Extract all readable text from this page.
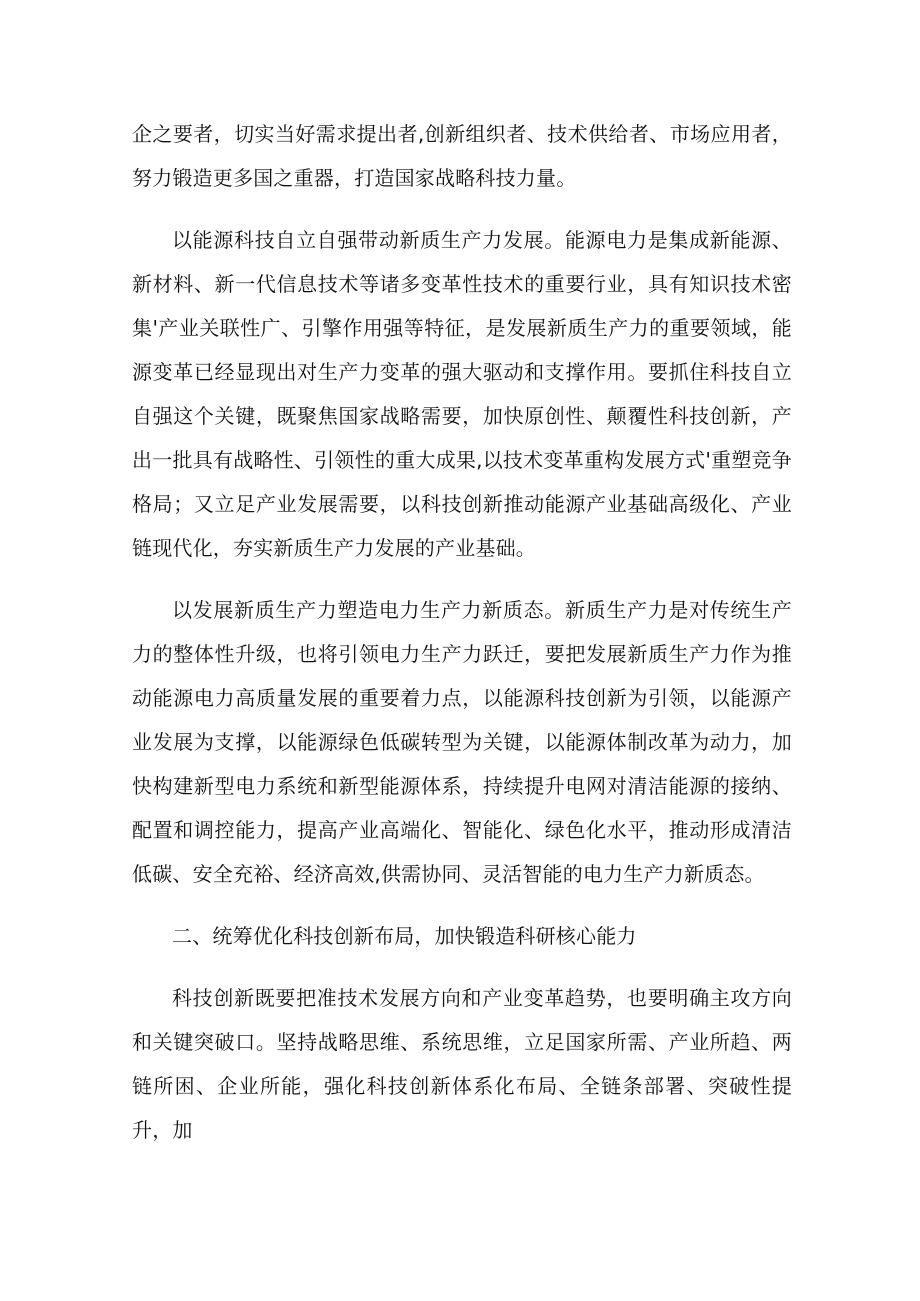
企之要者，切实当好需求提出者,创新组织者、技术供给者、市场应用者，努力锻造更多国之重器，打造国家战略科技力量。

以能源科技自立自强带动新质生产力发展。能源电力是集成新能源、新材料、新一代信息技术等诸多变革性技术的重要行业，具有知识技术密集'产业关联性广、引擎作用强等特征，是发展新质生产力的重要领域，能源变革已经显现出对生产力变革的强大驱动和支撑作用。要抓住科技自立自强这个关键，既聚焦国家战略需要，加快原创性、颠覆性科技创新，产出一批具有战略性、引领性的重大成果,以技术变革重构发展方式'重塑竞争格局；又立足产业发展需要，以科技创新推动能源产业基础高级化、产业链现代化，夯实新质生产力发展的产业基础。

以发展新质生产力塑造电力生产力新质态。新质生产力是对传统生产力的整体性升级，也将引领电力生产力跃迁，要把发展新质生产力作为推动能源电力高质量发展的重要着力点，以能源科技创新为引领，以能源产业发展为支撑，以能源绿色低碳转型为关键，以能源体制改革为动力，加快构建新型电力系统和新型能源体系，持续提升电网对清洁能源的接纳、配置和调控能力，提高产业高端化、智能化、绿色化水平，推动形成清洁低碳、安全充裕、经济高效,供需协同、灵活智能的电力生产力新质态。

二、统筹优化科技创新布局，加快锻造科研核心能力

科技创新既要把准技术发展方向和产业变革趋势，也要明确主攻方向和关键突破口。坚持战略思维、系统思维，立足国家所需、产业所趋、两链所困、企业所能，强化科技创新体系化布局、全链条部署、突破性提升，加
